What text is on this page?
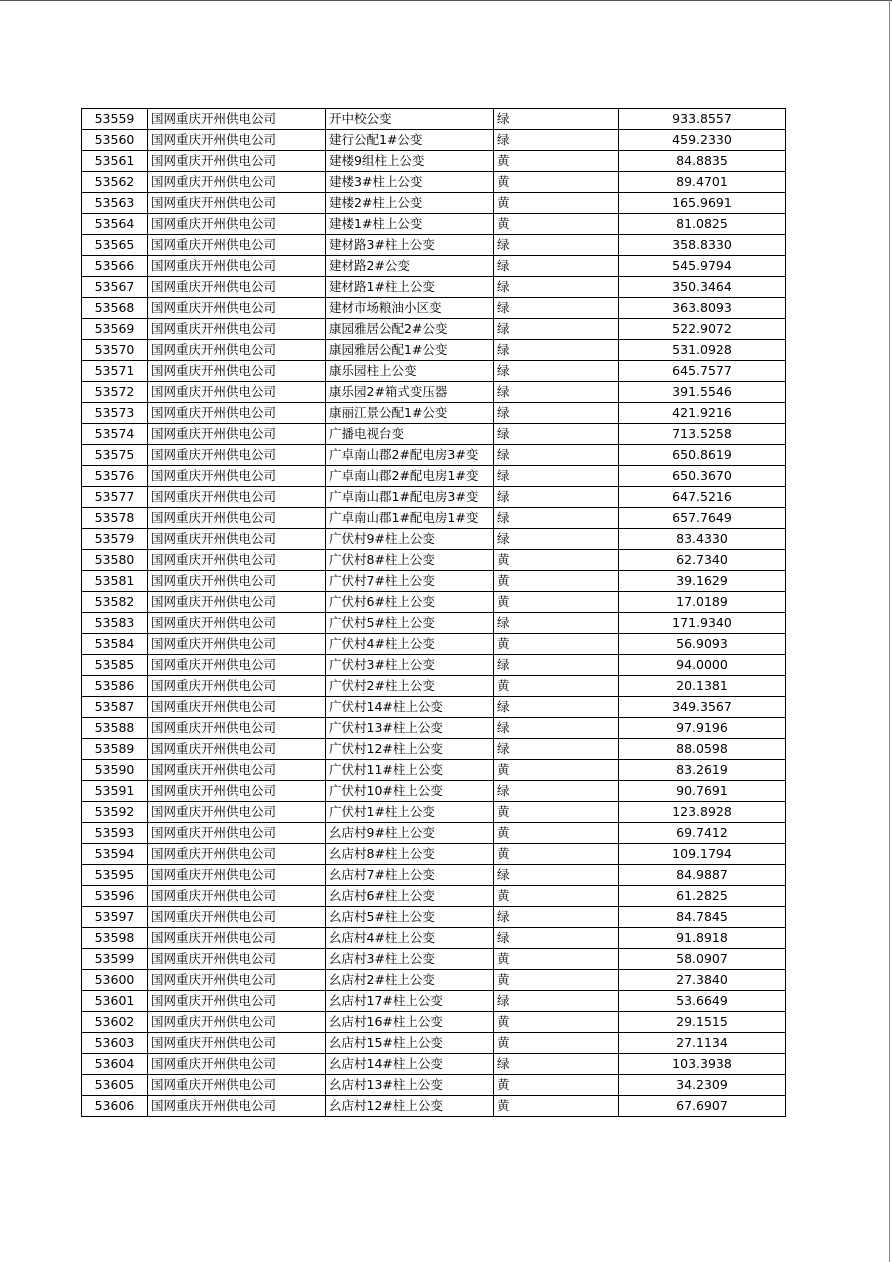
53559	国网重庆开州供电公司	开中校公变	绿	933.8557
53560	国网重庆开州供电公司	建行公配1#公变	绿	459.2330
53561	国网重庆开州供电公司	建楼9组柱上公变	黄	84.8835
53562	国网重庆开州供电公司	建楼3#柱上公变	黄	89.4701
53563	国网重庆开州供电公司	建楼2#柱上公变	黄	165.9691
53564	国网重庆开州供电公司	建楼1#柱上公变	黄	81.0825
53565	国网重庆开州供电公司	建材路3#柱上公变	绿	358.8330
53566	国网重庆开州供电公司	建材路2#公变	绿	545.9794
53567	国网重庆开州供电公司	建材路1#柱上公变	绿	350.3464
53568	国网重庆开州供电公司	建材市场粮油小区变	绿	363.8093
53569	国网重庆开州供电公司	康园雅居公配2#公变	绿	522.9072
53570	国网重庆开州供电公司	康园雅居公配1#公变	绿	531.0928
53571	国网重庆开州供电公司	康乐园柱上公变	绿	645.7577
53572	国网重庆开州供电公司	康乐园2#箱式变压器	绿	391.5546
53573	国网重庆开州供电公司	康丽江景公配1#公变	绿	421.9216
53574	国网重庆开州供电公司	广播电视台变	绿	713.5258
53575	国网重庆开州供电公司	广卓南山郡2#配电房3#变	绿	650.8619
53576	国网重庆开州供电公司	广卓南山郡2#配电房1#变	绿	650.3670
53577	国网重庆开州供电公司	广卓南山郡1#配电房3#变	绿	647.5216
53578	国网重庆开州供电公司	广卓南山郡1#配电房1#变	绿	657.7649
53579	国网重庆开州供电公司	广伏村9#柱上公变	绿	83.4330
53580	国网重庆开州供电公司	广伏村8#柱上公变	黄	62.7340
53581	国网重庆开州供电公司	广伏村7#柱上公变	黄	39.1629
53582	国网重庆开州供电公司	广伏村6#柱上公变	黄	17.0189
53583	国网重庆开州供电公司	广伏村5#柱上公变	绿	171.9340
53584	国网重庆开州供电公司	广伏村4#柱上公变	黄	56.9093
53585	国网重庆开州供电公司	广伏村3#柱上公变	绿	94.0000
53586	国网重庆开州供电公司	广伏村2#柱上公变	黄	20.1381
53587	国网重庆开州供电公司	广伏村14#柱上公变	绿	349.3567
53588	国网重庆开州供电公司	广伏村13#柱上公变	绿	97.9196
53589	国网重庆开州供电公司	广伏村12#柱上公变	绿	88.0598
53590	国网重庆开州供电公司	广伏村11#柱上公变	黄	83.2619
53591	国网重庆开州供电公司	广伏村10#柱上公变	绿	90.7691
53592	国网重庆开州供电公司	广伏村1#柱上公变	黄	123.8928
53593	国网重庆开州供电公司	幺店村9#柱上公变	黄	69.7412
53594	国网重庆开州供电公司	幺店村8#柱上公变	黄	109.1794
53595	国网重庆开州供电公司	幺店村7#柱上公变	绿	84.9887
53596	国网重庆开州供电公司	幺店村6#柱上公变	黄	61.2825
53597	国网重庆开州供电公司	幺店村5#柱上公变	绿	84.7845
53598	国网重庆开州供电公司	幺店村4#柱上公变	绿	91.8918
53599	国网重庆开州供电公司	幺店村3#柱上公变	黄	58.0907
53600	国网重庆开州供电公司	幺店村2#柱上公变	黄	27.3840
53601	国网重庆开州供电公司	幺店村17#柱上公变	绿	53.6649
53602	国网重庆开州供电公司	幺店村16#柱上公变	黄	29.1515
53603	国网重庆开州供电公司	幺店村15#柱上公变	黄	27.1134
53604	国网重庆开州供电公司	幺店村14#柱上公变	绿	103.3938
53605	国网重庆开州供电公司	幺店村13#柱上公变	黄	34.2309
53606	国网重庆开州供电公司	幺店村12#柱上公变	黄	67.6907
